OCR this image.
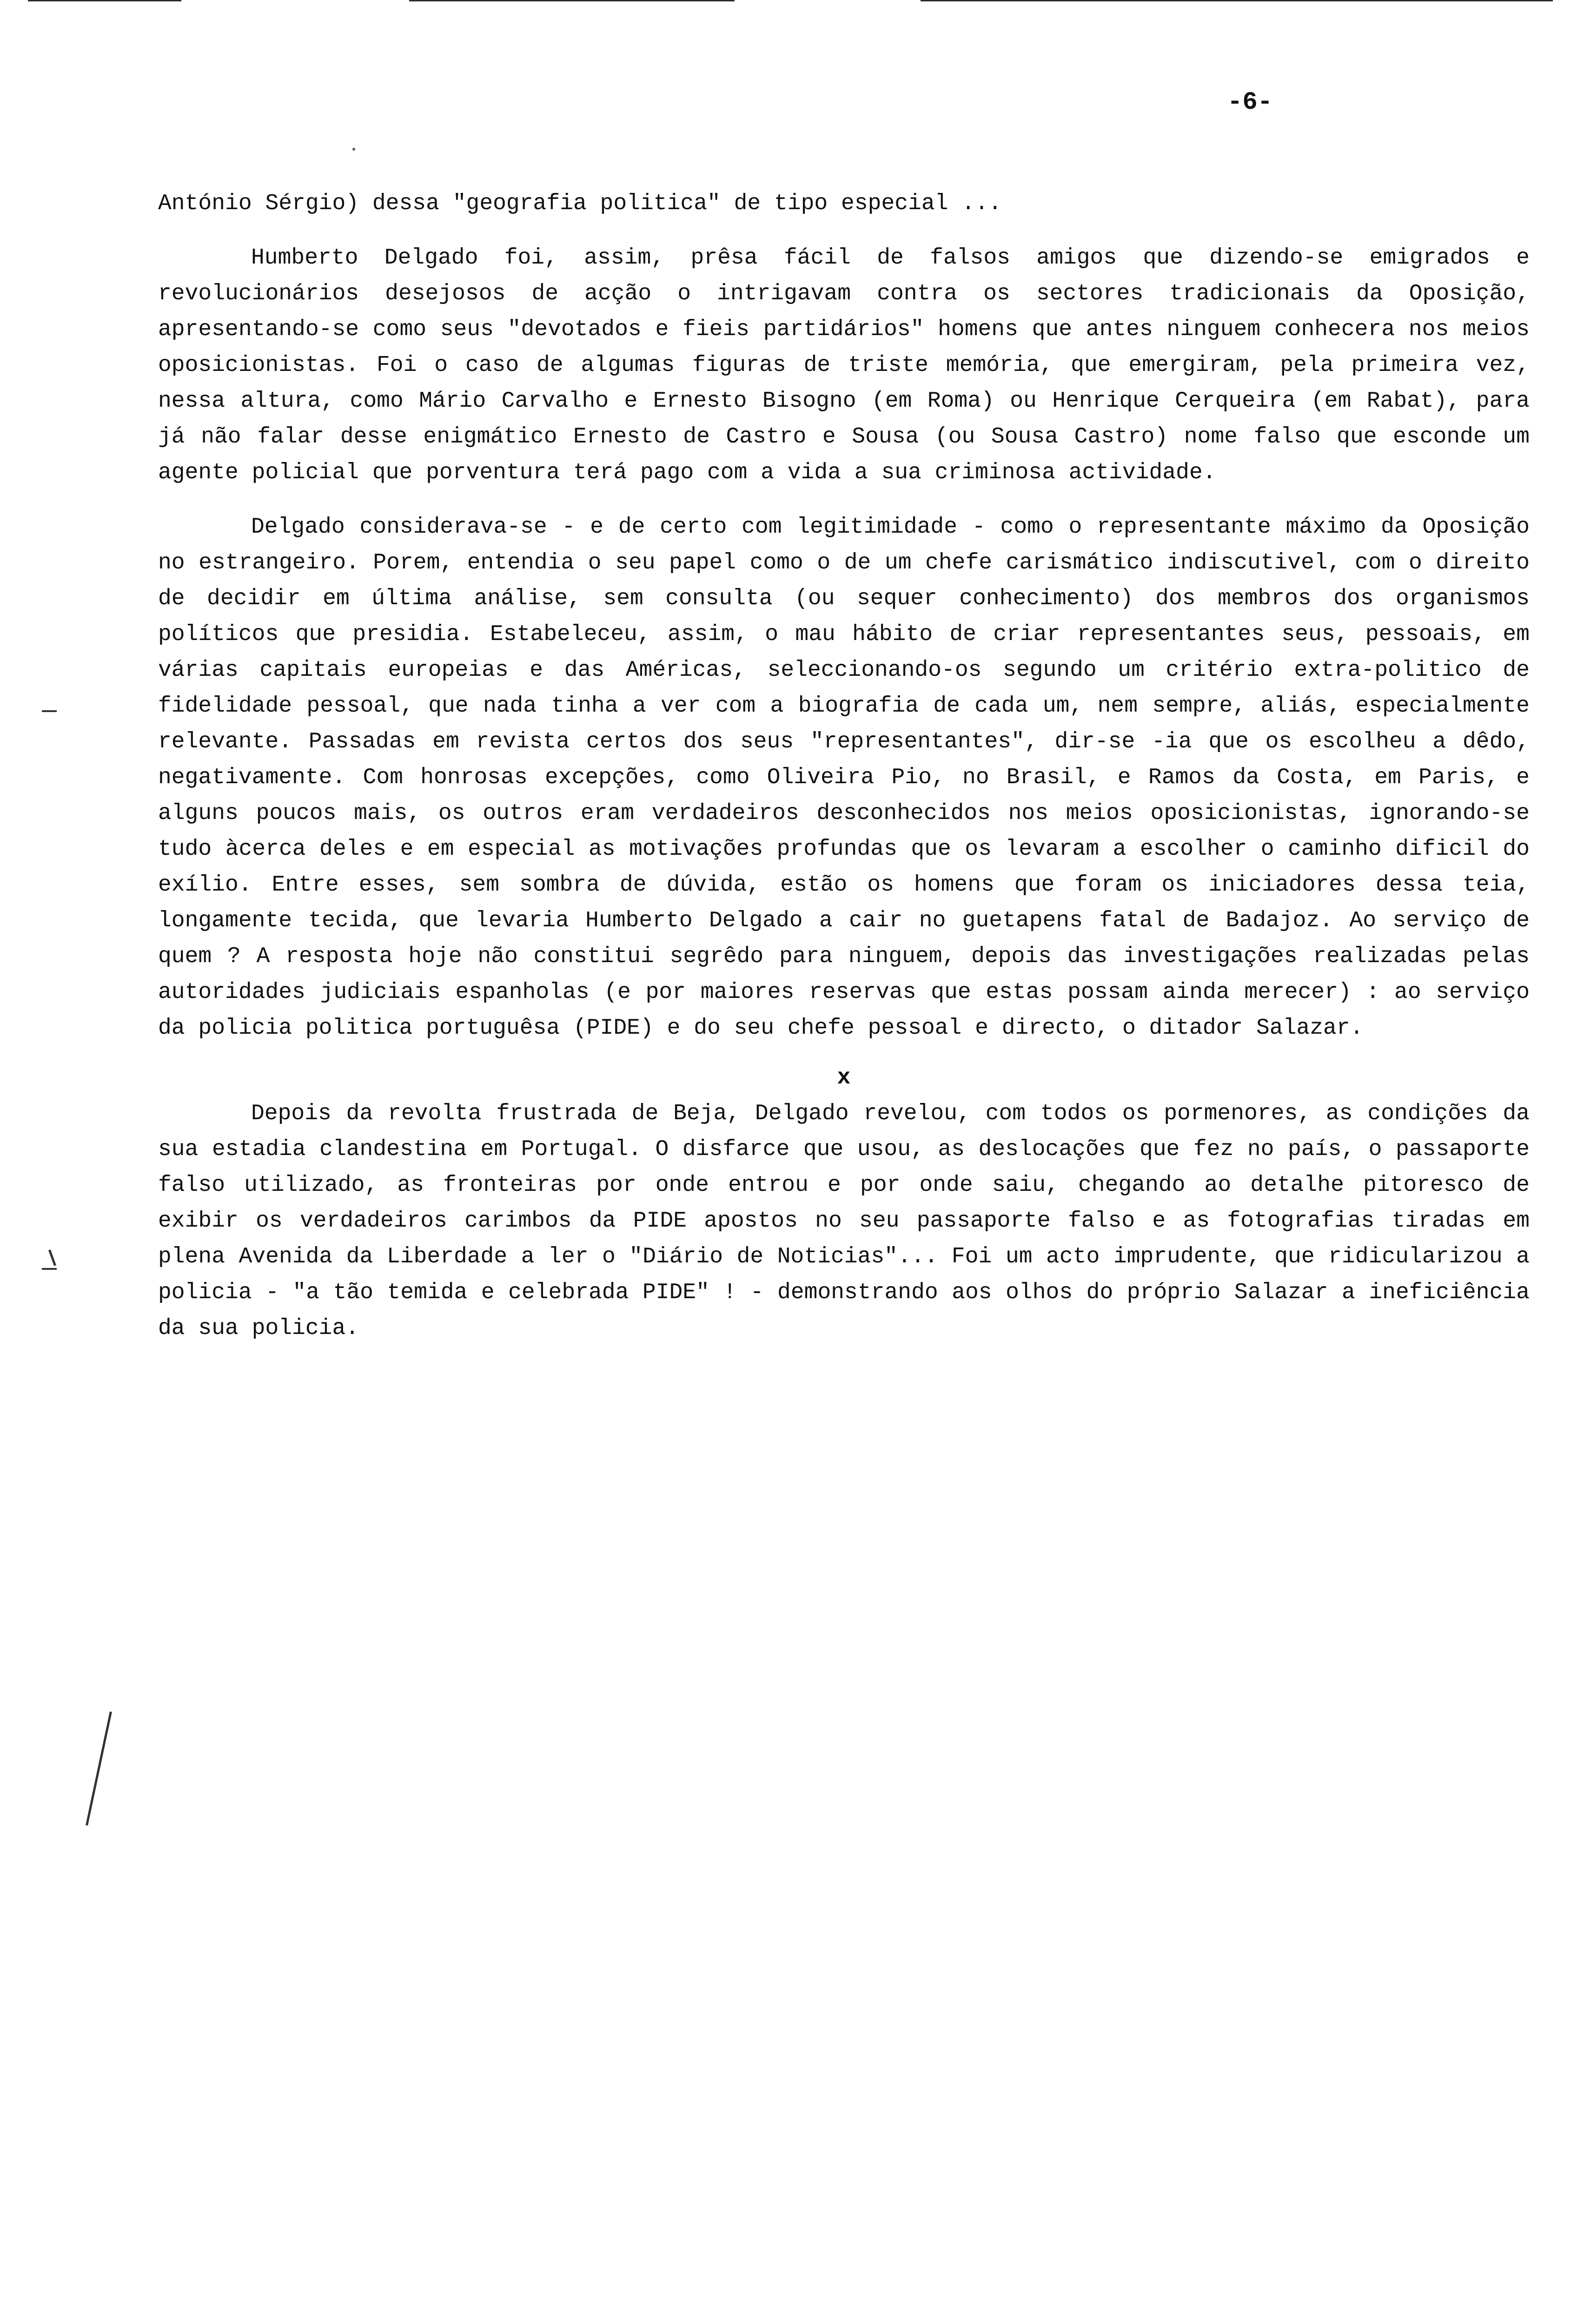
-6-

António Sérgio) dessa "geografia politica" de tipo especial ...

Humberto Delgado foi, assim, prêsa fácil de falsos amigos que dizendo-se emigrados e revolucionários desejosos de acção o intrigavam contra os sectores tradicionais da Oposição, apresentando-se como seus "devotados e fieis partidários" homens que antes ninguem conhecera nos meios oposicionistas. Foi o caso de algumas figuras de triste memória, que emergiram, pela primeira vez, nessa altura, como Mário Carvalho e Ernesto Bisogno (em Roma) ou Henrique Cerqueira (em Rabat), para já não falar desse enigmático Ernesto de Castro e Sousa (ou Sousa Castro) nome falso que esconde um agente policial que porventura terá pago com a vida a sua criminosa actividade.

Delgado considerava-se - e de certo com legitimidade - como o representante máximo da Oposição no estrangeiro. Porem, entendia o seu papel como o de um chefe carismático indiscutivel, com o direito de decidir em última análise, sem consulta (ou sequer conhecimento) dos membros dos organismos políticos que presidia. Estabeleceu, assim, o mau hábito de criar representantes seus, pessoais, em várias capitais europeias e das Américas, seleccionando-os segundo um critério extra-politico de fidelidade pessoal, que nada tinha a ver com a biografia de cada um, nem sempre, aliás, especialmente relevante. Passadas em revista certos dos seus "representantes", dir-se -ia que os escolheu a dêdo, negativamente. Com honrosas excepções, como Oliveira Pio, no Brasil, e Ramos da Costa, em Paris, e alguns poucos mais, os outros eram verdadeiros desconhecidos nos meios oposicionistas, ignorando-se tudo àcerca deles e em especial as motivações profundas que os levaram a escolher o caminho dificil do exílio. Entre esses, sem sombra de dúvida, estão os homens que foram os iniciadores dessa teia, longamente tecida, que levaria Humberto Delgado a cair no guetapens fatal de Badajoz. Ao serviço de quem ? A resposta hoje não constitui segrêdo para ninguem, depois das investigações realizadas pelas autoridades judiciais espanholas (e por maiores reservas que estas possam ainda merecer) : ao serviço da policia politica portuguêsa (PIDE) e do seu chefe pessoal e directo, o ditador Salazar.

x

Depois da revolta frustrada de Beja, Delgado revelou, com todos os pormenores, as condições da sua estadia clandestina em Portugal. O disfarce que usou, as deslocações que fez no país, o passaporte falso utilizado, as fronteiras por onde entrou e por onde saiu, chegando ao detalhe pitoresco de exibir os verdadeiros carimbos da PIDE apostos no seu passaporte falso e as fotografias tiradas em plena Avenida da Liberdade a ler o "Diário de Noticias"... Foi um acto imprudente, que ridicularizou a policia - "a tão temida e celebrada PIDE" ! - demonstrando aos olhos do próprio Salazar a ineficiência da sua policia.
